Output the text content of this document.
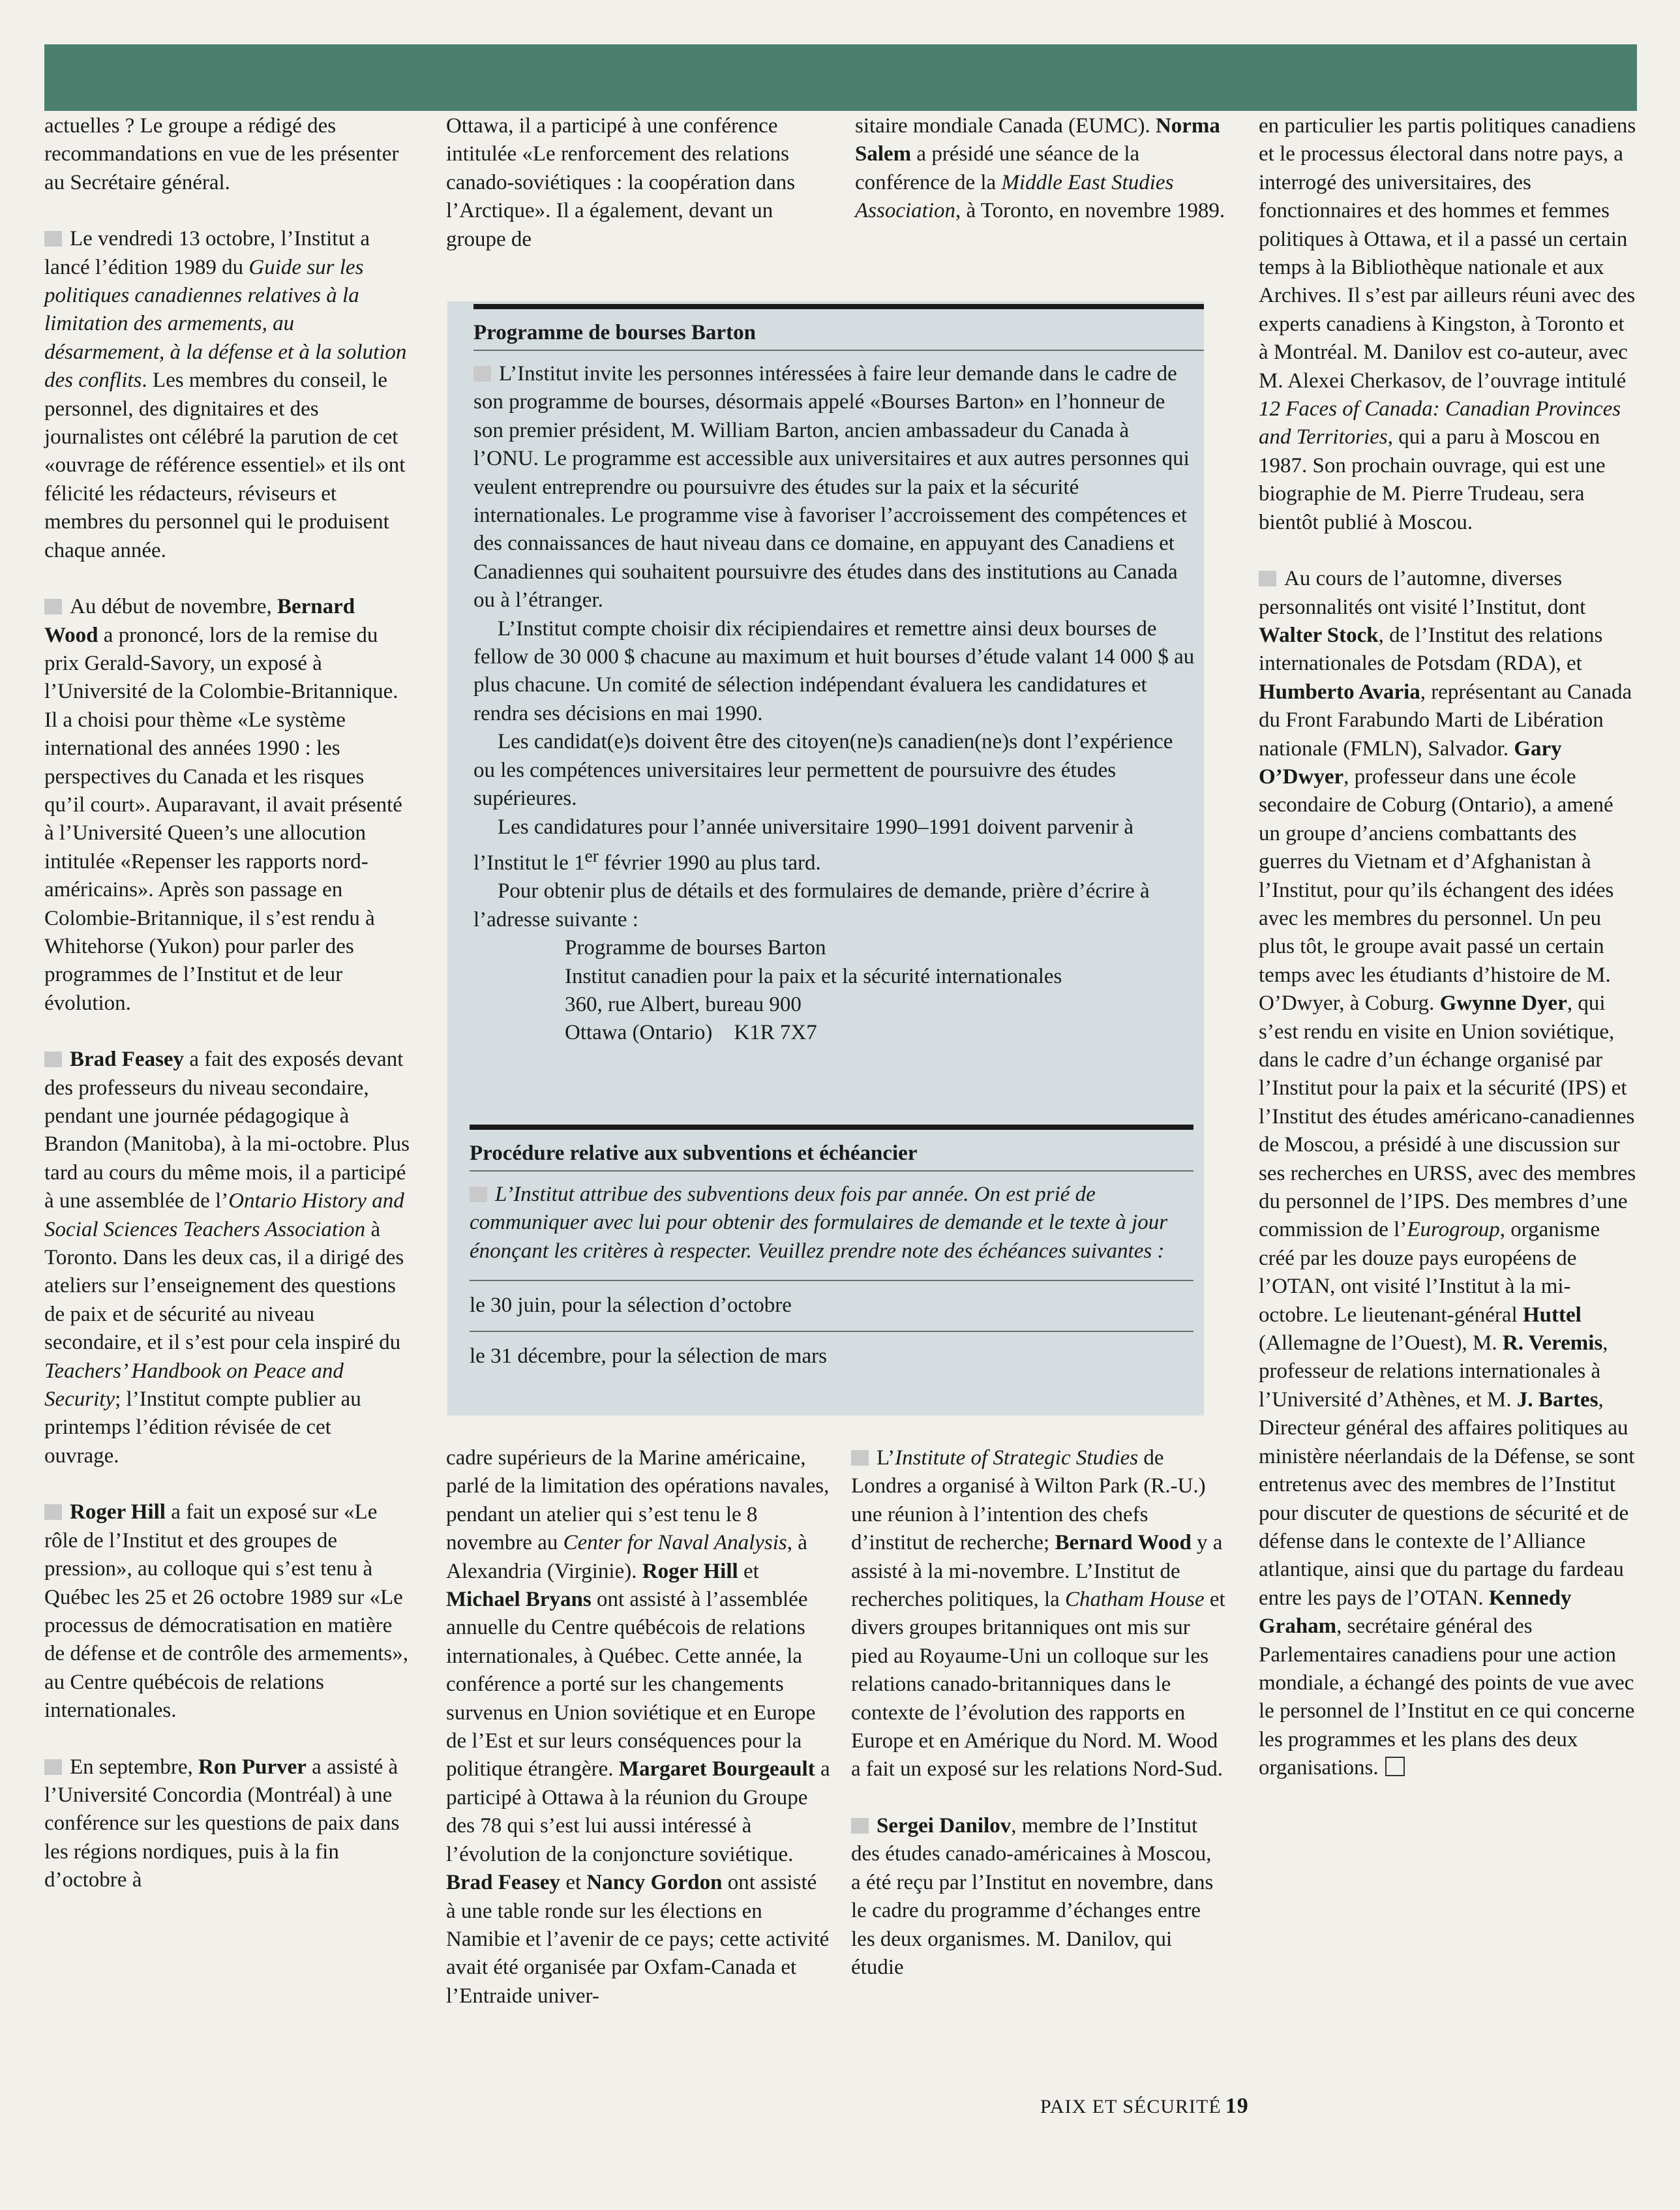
actuelles ? Le groupe a rédigé des recommandations en vue de les présenter au Secrétaire général.

Le vendredi 13 octobre, l’Institut a lancé l’édition 1989 du Guide sur les politiques canadiennes relatives à la limitation des armements, au désarmement, à la défense et à la solution des conflits. Les membres du conseil, le personnel, des dignitaires et des journalistes ont célébré la parution de cet «ouvrage de référence essentiel» et ils ont félicité les rédacteurs, réviseurs et membres du personnel qui le produisent chaque année.

Au début de novembre, Bernard Wood a prononcé, lors de la remise du prix Gerald-Savory, un exposé à l’Université de la Colombie-Britannique. Il a choisi pour thème «Le système international des années 1990 : les perspectives du Canada et les risques qu’il court». Auparavant, il avait présenté à l’Université Queen’s une allocution intitulée «Repenser les rapports nord-américains». Après son passage en Colombie-Britannique, il s’est rendu à Whitehorse (Yukon) pour parler des programmes de l’Institut et de leur évolution.

Brad Feasey a fait des exposés devant des professeurs du niveau secondaire, pendant une journée pédagogique à Brandon (Manitoba), à la mi-octobre. Plus tard au cours du même mois, il a participé à une assemblée de l’Ontario History and Social Sciences Teachers Association à Toronto. Dans les deux cas, il a dirigé des ateliers sur l’enseignement des questions de paix et de sécurité au niveau secondaire, et il s’est pour cela inspiré du Teachers’ Handbook on Peace and Security; l’Institut compte publier au printemps l’édition révisée de cet ouvrage.

Roger Hill a fait un exposé sur «Le rôle de l’Institut et des groupes de pression», au colloque qui s’est tenu à Québec les 25 et 26 octobre 1989 sur «Le processus de démocratisation en matière de défense et de contrôle des armements», au Centre québécois de relations internationales.

En septembre, Ron Purver a assisté à l’Université Concordia (Montréal) à une conférence sur les questions de paix dans les régions nordiques, puis à la fin d’octobre à

Ottawa, il a participé à une conférence intitulée «Le renforcement des relations canado-soviétiques : la coopération dans l’Arctique». Il a également, devant un groupe de

sitaire mondiale Canada (EUMC). Norma Salem a présidé une séance de la conférence de la Middle East Studies Association, à Toronto, en novembre 1989.

Programme de bourses Barton

L’Institut invite les personnes intéressées à faire leur demande dans le cadre de son programme de bourses, désormais appelé «Bourses Barton» en l’honneur de son premier président, M. William Barton, ancien ambassadeur du Canada à l’ONU. Le programme est accessible aux universitaires et aux autres personnes qui veulent entreprendre ou poursuivre des études sur la paix et la sécurité internationales. Le programme vise à favoriser l’accroissement des compétences et des connaissances de haut niveau dans ce domaine, en appuyant des Canadiens et Canadiennes qui souhaitent poursuivre des études dans des institutions au Canada ou à l’étranger.

L’Institut compte choisir dix récipiendaires et remettre ainsi deux bourses de fellow de 30 000 $ chacune au maximum et huit bourses d’étude valant 14 000 $ au plus chacune. Un comité de sélection indépendant évaluera les candidatures et rendra ses décisions en mai 1990.

Les candidat(e)s doivent être des citoyen(ne)s canadien(ne)s dont l’expérience ou les compétences universitaires leur permettent de poursuivre des études supérieures.

Les candidatures pour l’année universitaire 1990–1991 doivent parvenir à l’Institut le 1er février 1990 au plus tard.

Pour obtenir plus de détails et des formulaires de demande, prière d’écrire à l’adresse suivante :

Programme de bourses Barton
Institut canadien pour la paix et la sécurité internationales
360, rue Albert, bureau 900
Ottawa (Ontario)    K1R 7X7
Procédure relative aux subventions et échéancier

L’Institut attribue des subventions deux fois par année. On est prié de communiquer avec lui pour obtenir des formulaires de demande et le texte à jour énonçant les critères à respecter. Veuillez prendre note des échéances suivantes :

le 30 juin, pour la sélection d’octobre
le 31 décembre, pour la sélection de mars

cadre supérieurs de la Marine américaine, parlé de la limitation des opérations navales, pendant un atelier qui s’est tenu le 8 novembre au Center for Naval Analysis, à Alexandria (Virginie). Roger Hill et Michael Bryans ont assisté à l’assemblée annuelle du Centre québécois de relations internationales, à Québec. Cette année, la conférence a porté sur les changements survenus en Union soviétique et en Europe de l’Est et sur leurs conséquences pour la politique étrangère. Margaret Bourgeault a participé à Ottawa à la réunion du Groupe des 78 qui s’est lui aussi intéressé à l’évolution de la conjoncture soviétique. Brad Feasey et Nancy Gordon ont assisté à une table ronde sur les élections en Namibie et l’avenir de ce pays; cette activité avait été organisée par Oxfam-Canada et l’Entraide univer-

L’Institute of Strategic Studies de Londres a organisé à Wilton Park (R.-U.) une réunion à l’intention des chefs d’institut de recherche; Bernard Wood y a assisté à la mi-novembre. L’Institut de recherches politiques, la Chatham House et divers groupes britanniques ont mis sur pied au Royaume-Uni un colloque sur les relations canado-britanniques dans le contexte de l’évolution des rapports en Europe et en Amérique du Nord. M. Wood a fait un exposé sur les relations Nord-Sud.

Sergei Danilov, membre de l’Institut des études canado-américaines à Moscou, a été reçu par l’Institut en novembre, dans le cadre du programme d’échanges entre les deux organismes. M. Danilov, qui étudie

en particulier les partis politiques canadiens et le processus électoral dans notre pays, a interrogé des universitaires, des fonctionnaires et des hommes et femmes politiques à Ottawa, et il a passé un certain temps à la Bibliothèque nationale et aux Archives. Il s’est par ailleurs réuni avec des experts canadiens à Kingston, à Toronto et à Montréal. M. Danilov est co-auteur, avec M. Alexei Cherkasov, de l’ouvrage intitulé 12 Faces of Canada: Canadian Provinces and Territories, qui a paru à Moscou en 1987. Son prochain ouvrage, qui est une biographie de M. Pierre Trudeau, sera bientôt publié à Moscou.

Au cours de l’automne, diverses personnalités ont visité l’Institut, dont Walter Stock, de l’Institut des relations internationales de Potsdam (RDA), et Humberto Avaria, représentant au Canada du Front Farabundo Marti de Libération nationale (FMLN), Salvador. Gary O’Dwyer, professeur dans une école secondaire de Coburg (Ontario), a amené un groupe d’anciens combattants des guerres du Vietnam et d’Afghanistan à l’Institut, pour qu’ils échangent des idées avec les membres du personnel. Un peu plus tôt, le groupe avait passé un certain temps avec les étudiants d’histoire de M. O’Dwyer, à Coburg. Gwynne Dyer, qui s’est rendu en visite en Union soviétique, dans le cadre d’un échange organisé par l’Institut pour la paix et la sécurité (IPS) et l’Institut des études américano-canadiennes de Moscou, a présidé à une discussion sur ses recherches en URSS, avec des membres du personnel de l’IPS. Des membres d’une commission de l’Eurogroup, organisme créé par les douze pays européens de l’OTAN, ont visité l’Institut à la mi-octobre. Le lieutenant-général Huttel (Allemagne de l’Ouest), M. R. Veremis, professeur de relations internationales à l’Université d’Athènes, et M. J. Bartes, Directeur général des affaires politiques au ministère néerlandais de la Défense, se sont entretenus avec des membres de l’Institut pour discuter de questions de sécurité et de défense dans le contexte de l’Alliance atlantique, ainsi que du partage du fardeau entre les pays de l’OTAN. Kennedy Graham, secrétaire général des Parlementaires canadiens pour une action mondiale, a échangé des points de vue avec le personnel de l’Institut en ce qui concerne les programmes et les plans des deux organisations.

PAIX ET SÉCURITÉ 19
